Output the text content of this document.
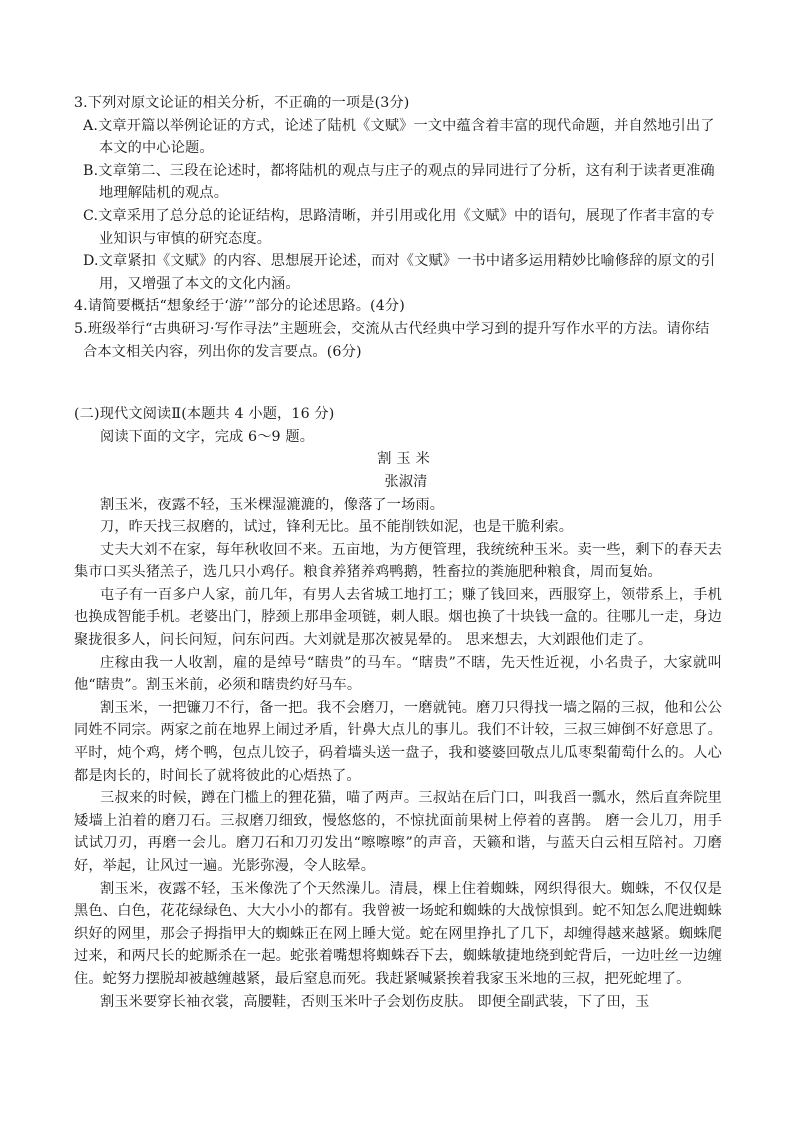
3.下列对原文论证的相关分析，不正确的一项是(3分)

A.文章开篇以举例论证的方式，论述了陆机《文赋》一文中蕴含着丰富的现代命题，并自然地引出了本文的中心论题。

B.文章第二、三段在论述时，都将陆机的观点与庄子的观点的异同进行了分析，这有利于读者更准确地理解陆机的观点。

C.文章采用了总分总的论证结构，思路清晰，并引用或化用《文赋》中的语句，展现了作者丰富的专业知识与审慎的研究态度。

D.文章紧扣《文赋》的内容、思想展开论述，而对《文赋》一书中诸多运用精妙比喻修辞的原文的引用，又增强了本文的文化内涵。

4.请简要概括“想象经于‘游’”部分的论述思路。(4分)

5.班级举行“古典研习·写作寻法”主题班会，交流从古代经典中学习到的提升写作水平的方法。请你结合本文相关内容，列出你的发言要点。(6分)

(二)现代文阅读Ⅱ(本题共 4 小题，16 分)

阅读下面的文字，完成 6～9 题。

割玉米

张淑清

割玉米，夜露不轻，玉米棵湿漉漉的，像落了一场雨。

刀，昨天找三叔磨的，试过，锋利无比。虽不能削铁如泥，也是干脆利索。

丈夫大刘不在家，每年秋收回不来。五亩地，为方便管理，我统统种玉米。卖一些，剩下的春天去集市口买头猪羔子，选几只小鸡仔。粮食养猪养鸡鸭鹅，牲畜拉的粪施肥种粮食，周而复始。

屯子有一百多户人家，前几年，有男人去省城工地打工；赚了钱回来，西服穿上，领带系上，手机也换成智能手机。老婆出门，脖颈上那串金项链，刺人眼。烟也换了十块钱一盒的。往哪儿一走，身边聚拢很多人，问长问短，问东问西。大刘就是那次被晃晕的。 思来想去，大刘跟他们走了。

庄稼由我一人收割，雇的是绰号“瞎贵”的马车。“瞎贵”不瞎，先天性近视，小名贵子，大家就叫他“瞎贵”。割玉米前，必须和瞎贵约好马车。

割玉米，一把镰刀不行，备一把。我不会磨刀，一磨就钝。磨刀只得找一墙之隔的三叔，他和公公同姓不同宗。两家之前在地界上闹过矛盾，针鼻大点儿的事儿。我们不计较，三叔三婶倒不好意思了。平时，炖个鸡，烤个鸭，包点儿饺子，码着墙头送一盘子，我和婆婆回敬点儿瓜枣梨葡萄什么的。人心都是肉长的，时间长了就将彼此的心焐热了。

三叔来的时候，蹲在门槛上的狸花猫，喵了两声。三叔站在后门口，叫我舀一瓢水，然后直奔院里矮墙上泊着的磨刀石。三叔磨刀细致，慢悠悠的，不惊扰面前果树上停着的喜鹊。 磨一会儿刀，用手试试刀刃，再磨一会儿。磨刀石和刀刃发出“嚓嚓嚓”的声音，天籁和谐，与蓝天白云相互陪衬。刀磨好，举起，让风过一遍。光影弥漫，令人眩晕。

割玉米，夜露不轻，玉米像洗了个天然澡儿。清晨，棵上住着蜘蛛，网织得很大。蜘蛛，不仅仅是黑色、白色，花花绿绿色、大大小小的都有。我曾被一场蛇和蜘蛛的大战惊惧到。蛇不知怎么爬进蜘蛛织好的网里，那会子拇指甲大的蜘蛛正在网上睡大觉。蛇在网里挣扎了几下，却缠得越来越紧。蜘蛛爬过来，和两尺长的蛇厮杀在一起。蛇张着嘴想将蜘蛛吞下去，蜘蛛敏捷地绕到蛇背后，一边吐丝一边缠住。蛇努力摆脱却被越缠越紧，最后窒息而死。我赶紧喊紧挨着我家玉米地的三叔，把死蛇埋了。

割玉米要穿长袖衣裳，高腰鞋，否则玉米叶子会划伤皮肤。 即便全副武装，下了田，玉
